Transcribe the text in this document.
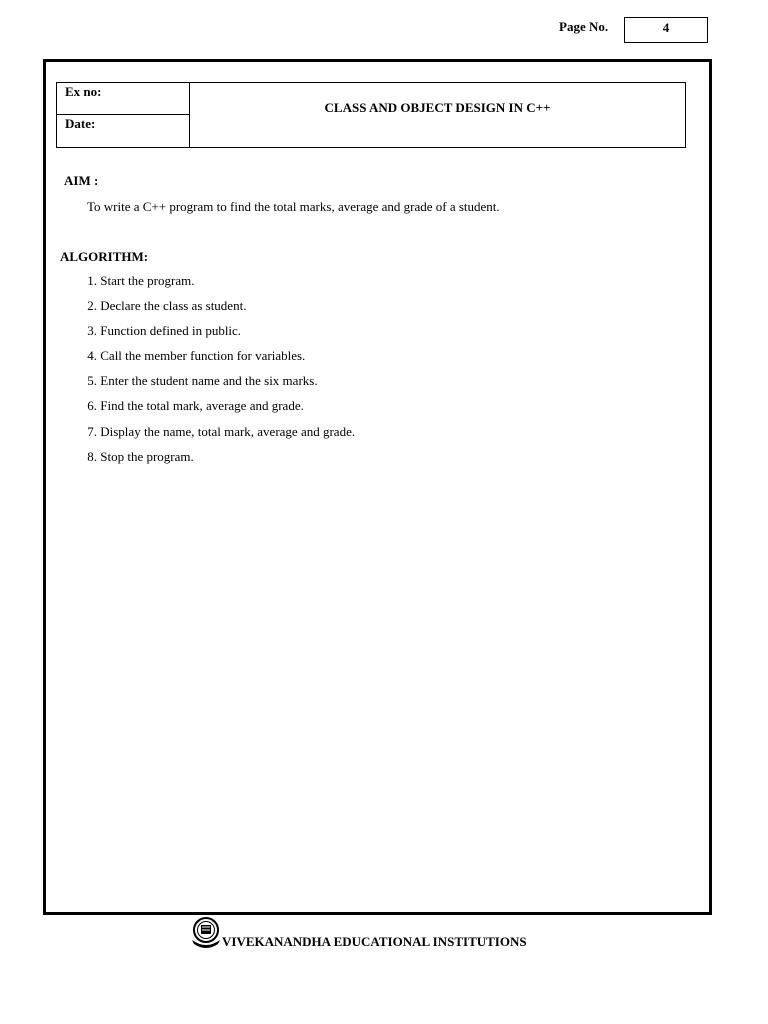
Page No.	4
Ex no:
Date:
CLASS AND OBJECT DESIGN IN C++
AIM :
To write a C++ program to find the total marks, average and grade of a student.
ALGORITHM:
1. Start the program.
2. Declare the class as student.
3. Function defined in public.
4. Call the member function for variables.
5. Enter the student name and the six marks.
6. Find the total mark, average and grade.
7. Display the name, total mark, average and grade.
8. Stop the program.
VIVEKANANDHA EDUCATIONAL INSTITUTIONS
